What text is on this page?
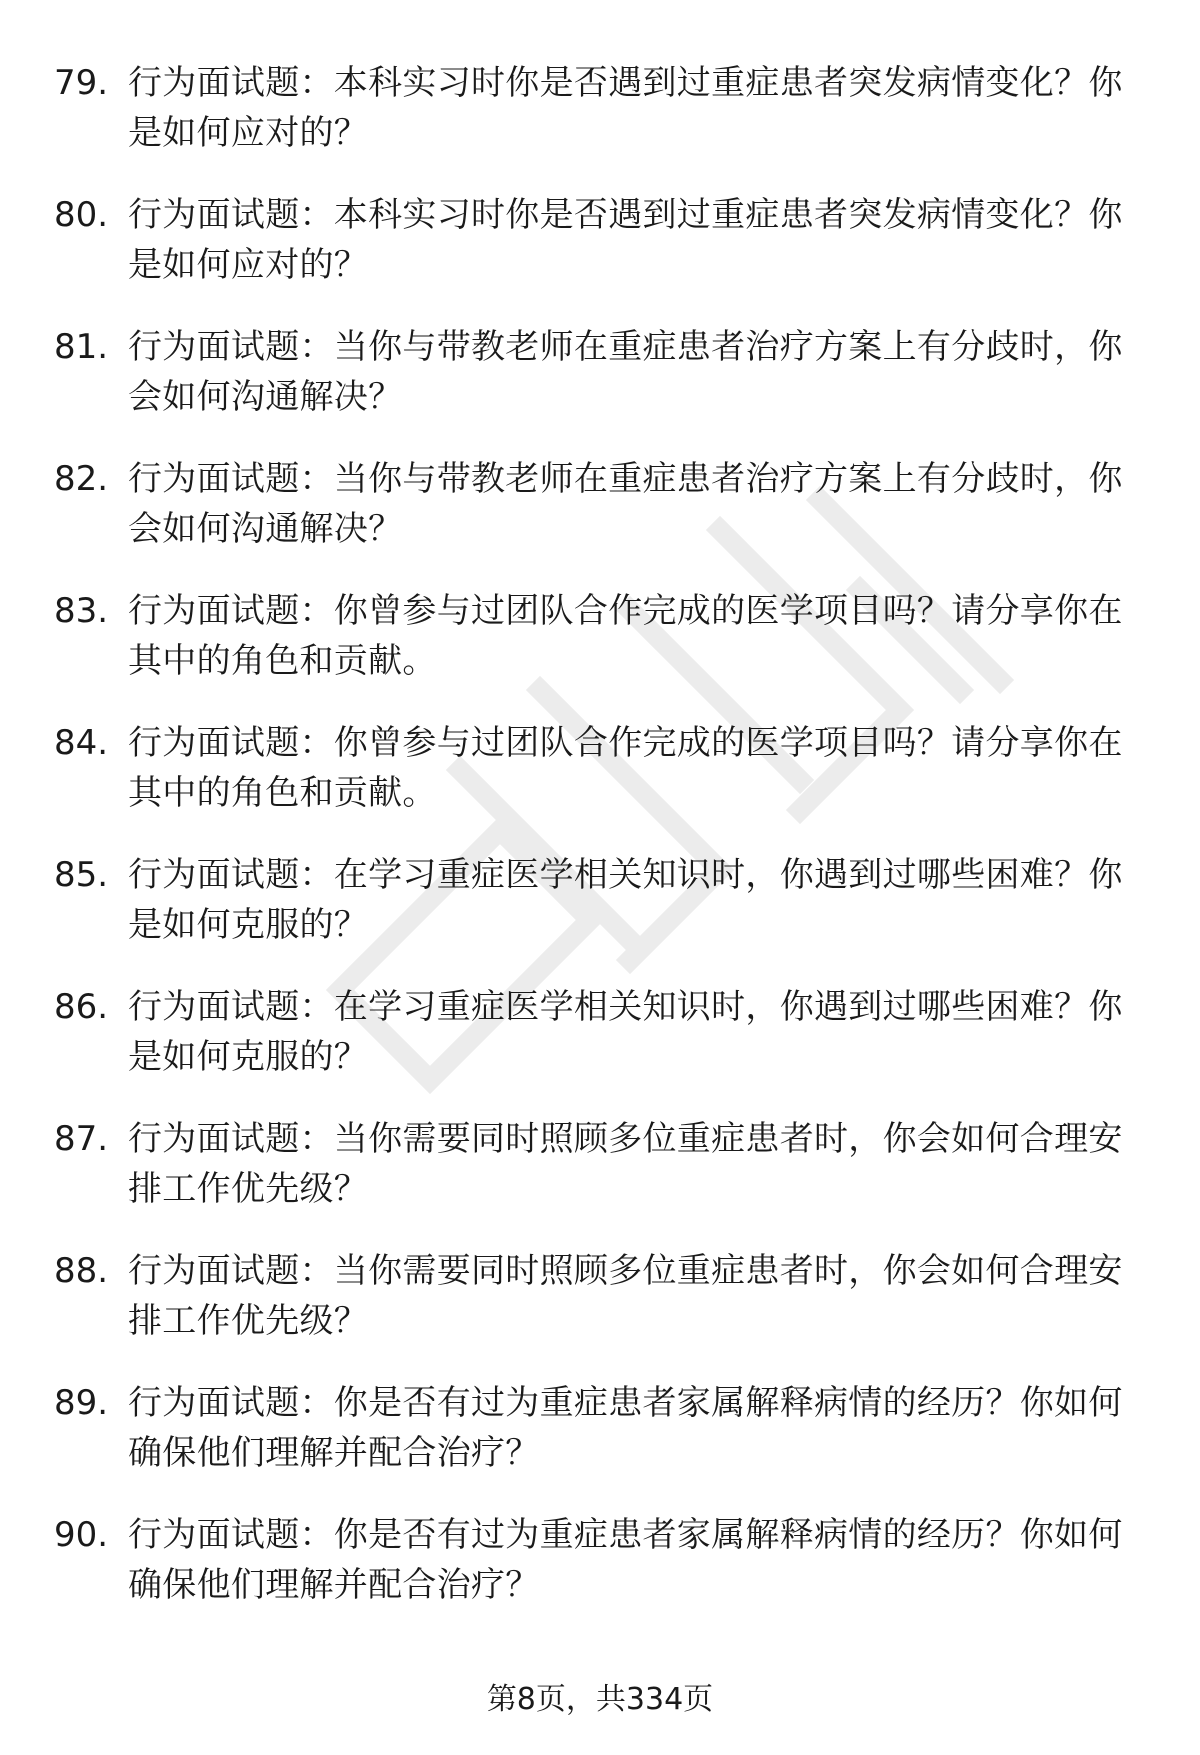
79. 行为面试题：本科实习时你是否遇到过重症患者突发病情变化？你是如何应对的？
80. 行为面试题：本科实习时你是否遇到过重症患者突发病情变化？你是如何应对的？
81. 行为面试题：当你与带教老师在重症患者治疗方案上有分歧时，你会如何沟通解决？
82. 行为面试题：当你与带教老师在重症患者治疗方案上有分歧时，你会如何沟通解决？
83. 行为面试题：你曾参与过团队合作完成的医学项目吗？请分享你在其中的角色和贡献。
84. 行为面试题：你曾参与过团队合作完成的医学项目吗？请分享你在其中的角色和贡献。
85. 行为面试题：在学习重症医学相关知识时，你遇到过哪些困难？你是如何克服的？
86. 行为面试题：在学习重症医学相关知识时，你遇到过哪些困难？你是如何克服的？
87. 行为面试题：当你需要同时照顾多位重症患者时，你会如何合理安排工作优先级？
88. 行为面试题：当你需要同时照顾多位重症患者时，你会如何合理安排工作优先级？
89. 行为面试题：你是否有过为重症患者家属解释病情的经历？你如何确保他们理解并配合治疗？
90. 行为面试题：你是否有过为重症患者家属解释病情的经历？你如何确保他们理解并配合治疗？
第8页，共334页
